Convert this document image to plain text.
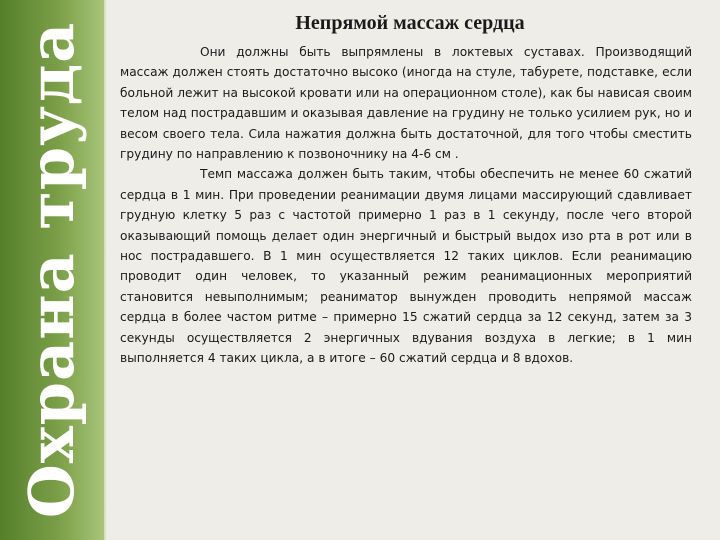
Охрана труда	Непрямой массаж сердца

Они должны быть выпрямлены в локтевых суставах. Производящий массаж должен стоять достаточно высоко (иногда на стуле, табурете, подставке, если больной лежит на высокой кровати или на операционном столе), как бы нависая своим телом над пострадавшим и оказывая давление на грудину не только усилием рук, но и весом своего тела. Сила нажатия должна быть достаточной, для того чтобы сместить грудину по направлению к позвоночнику на 4-6 см .

Темп массажа должен быть таким, чтобы обеспечить не менее 60 сжатий сердца в 1 мин. При проведении реанимации двумя лицами массирующий сдавливает грудную клетку 5 раз с частотой примерно 1 раз в 1 секунду, после чего второй оказывающий помощь делает один энергичный и быстрый выдох изо рта в рот или в нос пострадавшего. В 1 мин осуществляется 12 таких циклов. Если реанимацию проводит один человек, то указанный режим реанимационных мероприятий становится невыполнимым; реаниматор вынужден проводить непрямой массаж сердца в более частом ритме – примерно 15 сжатий сердца за 12 секунд, затем за 3 секунды осуществляется 2 энергичных вдувания воздуха в легкие; в 1 мин выполняется 4 таких цикла, а в итоге – 60 сжатий сердца и 8 вдохов.
